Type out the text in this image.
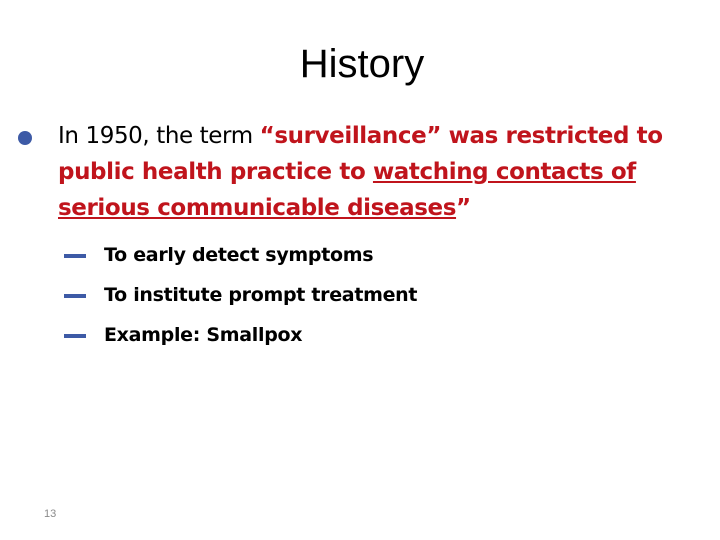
History
In 1950, the term “surveillance” was restricted to public health practice to watching contacts of serious communicable diseases”
To early detect symptoms
To institute prompt treatment
Example: Smallpox
13
